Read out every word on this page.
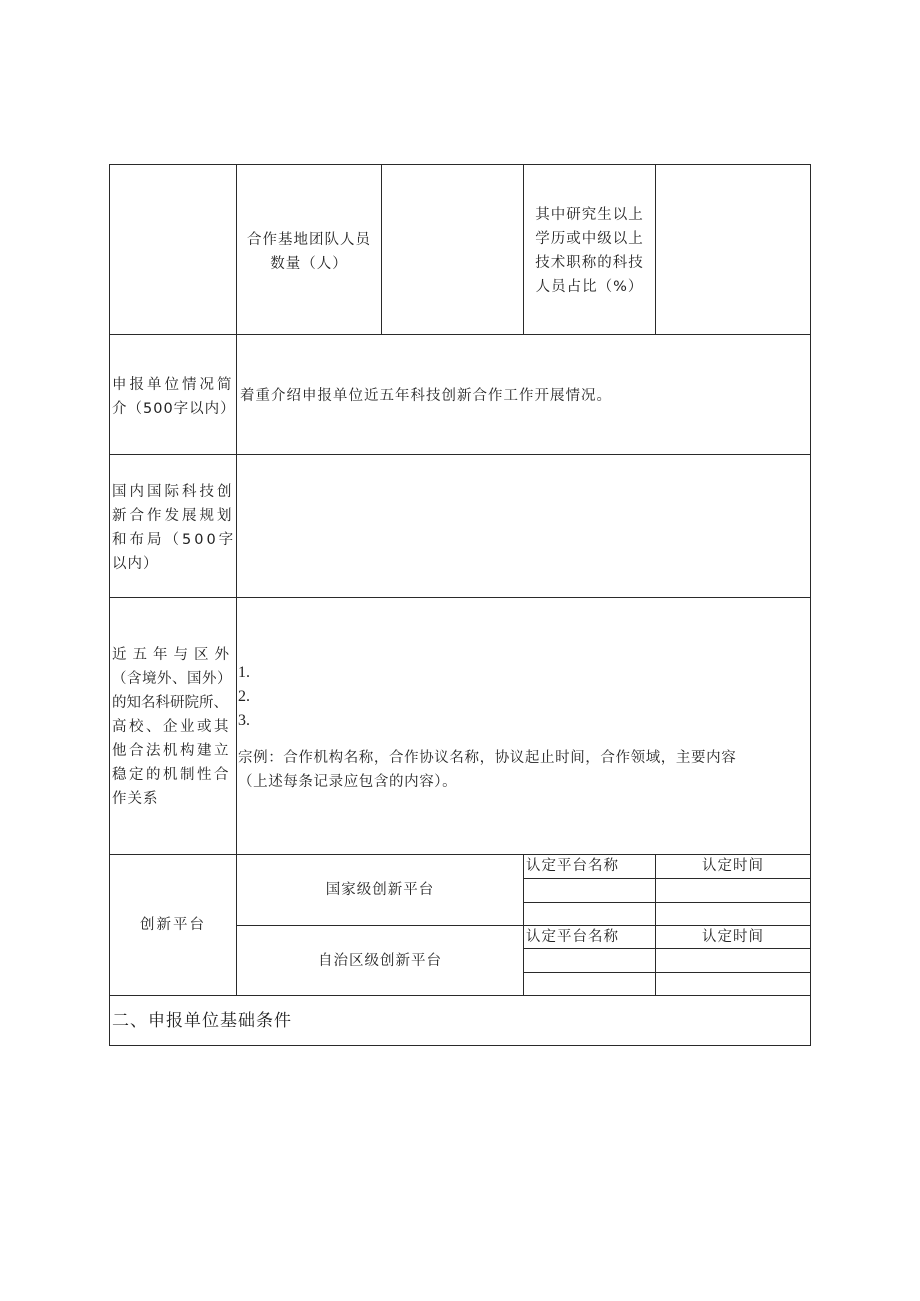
合作基地团队人员
数量（人）
其中研究生以上
学历或中级以上
技术职称的科技
人员占比（%）
申报单位情况简
介（500字以内）
着重介绍申报单位近五年科技创新合作工作开展情况。
国内国际科技创
新合作发展规划
和布局（500字
以内）
近五年与区外
（含境外、国外）
的知名科研院所、
高校、企业或其
他合法机构建立
稳定的机制性合
作关系
1.
2.
3.
宗例：合作机构名称，合作协议名称，协议起止时间，合作领域，主要内容
（上述每条记录应包含的内容）。
创新平台
国家级创新平台
认定平台名称	认定时间
自治区级创新平台
认定平台名称	认定时间
二、申报单位基础条件
